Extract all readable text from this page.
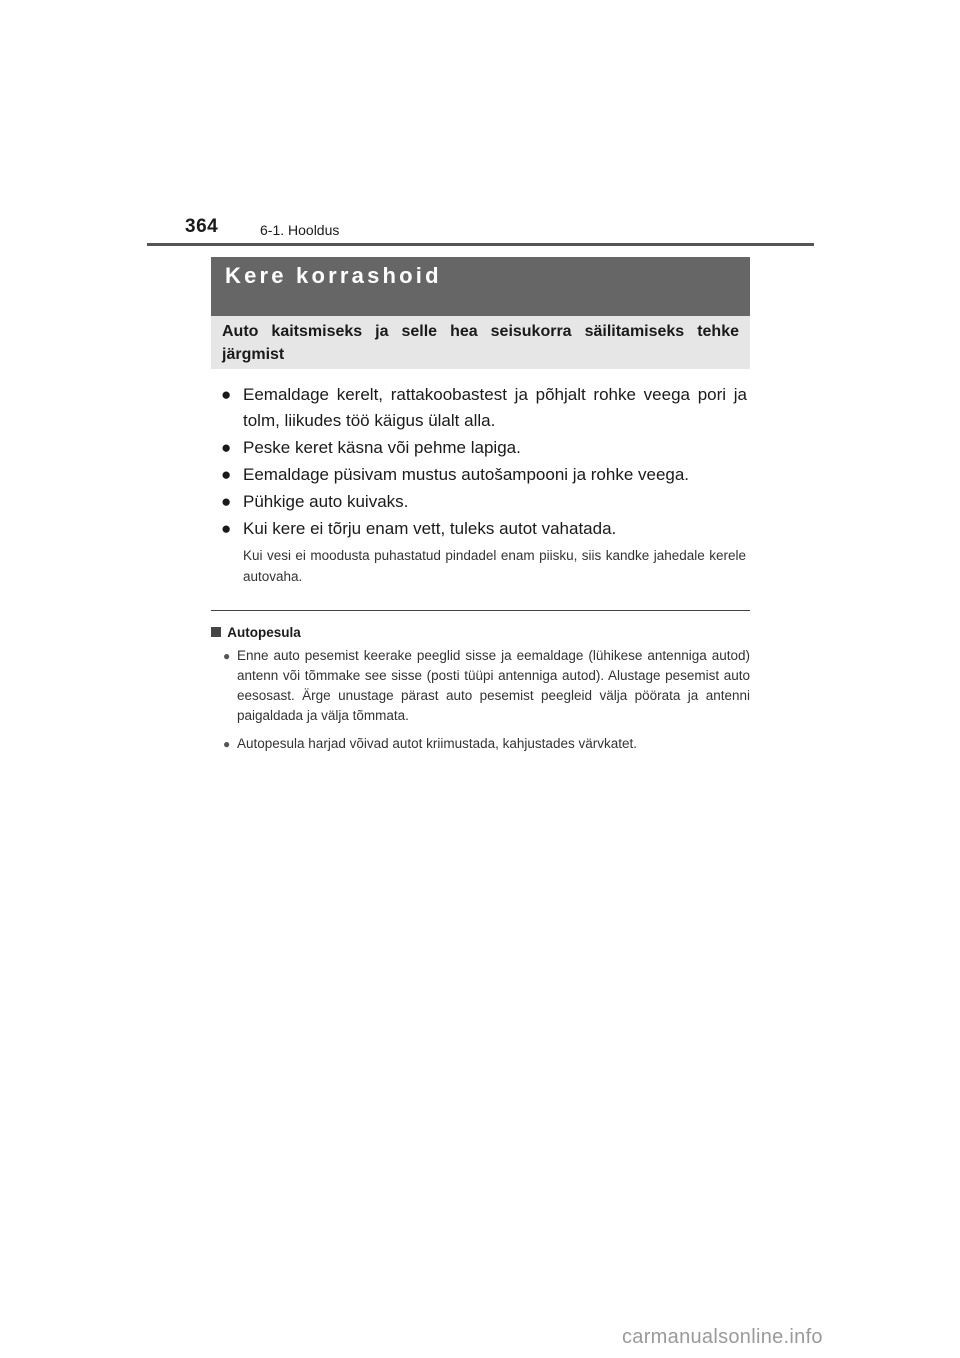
364	6-1. Hooldus
Kere korrashoid
Auto kaitsmiseks ja selle hea seisukorra säilitamiseks tehke järgmist
● Eemaldage kerelt, rattakoobastest ja põhjalt rohke veega pori ja tolm, liikudes töö käigus ülalt alla.
● Peske keret käsna või pehme lapiga.
● Eemaldage püsivam mustus autošampooni ja rohke veega.
● Pühkige auto kuivaks.
● Kui kere ei tõrju enam vett, tuleks autot vahatada.
Kui vesi ei moodusta puhastatud pindadel enam piisku, siis kandke jahedale kerele autovaha.
Autopesula
● Enne auto pesemist keerake peeglid sisse ja eemaldage (lühikese antenniga autod) antenn või tõmmake see sisse (posti tüüpi antenniga autod). Alustage pesemist auto eesosast. Ärge unustage pärast auto pesemist peegleid välja pöörata ja antenni paigaldada ja välja tõmmata.
● Autopesula harjad võivad autot kriimustada, kahjustades värvkatet.
carmanualsonline.info
